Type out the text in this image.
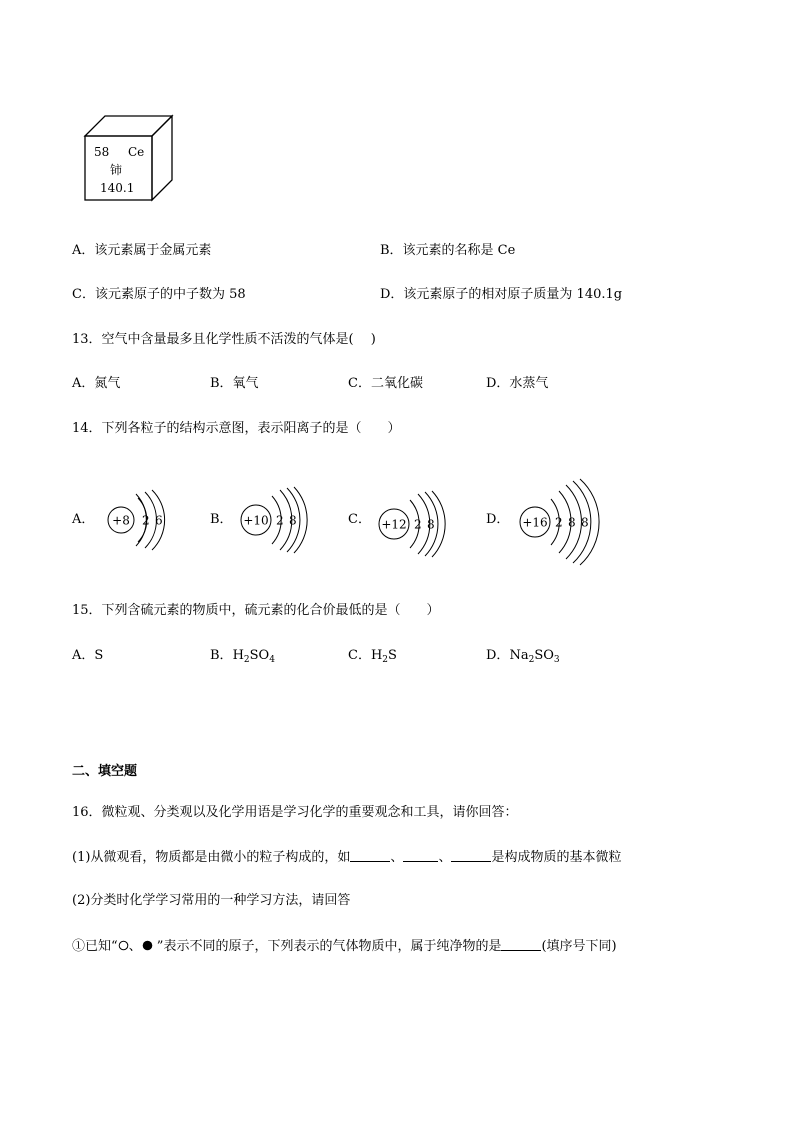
58 Ce
铈
140.1
A．该元素属于金属元素	B．该元素的名称是 Ce
C．该元素原子的中子数为 58	D．该元素原子的相对原子质量为 140.1g
13．空气中含量最多且化学性质不活泼的气体是(　 )
A．氮气	B．氧气	C．二氧化碳	D．水蒸气
14．下列各粒子的结构示意图，表示阳离子的是（　　）
A．	B．	C．	D．
+8 2 6	+10 2 8	+12 2 8	+16 2 8 8
15．下列含硫元素的物质中，硫元素的化合价最低的是（　　）
A．S	B．$H_2SO_4$	C．$H_2S$	D．$Na_2SO_3$
二、填空题
16．微粒观、分类观以及化学用语是学习化学的重要观念和工具，请你回答：
(1)从微观看，物质都是由微小的粒子构成的，如	、	、	是构成物质的基本微粒
(2)分类时化学学习常用的一种学习方法，请回答
①已知“ 、 ”表示不同的原子，下列表示的气体物质中，属于纯净物的是	(填序号下同)
